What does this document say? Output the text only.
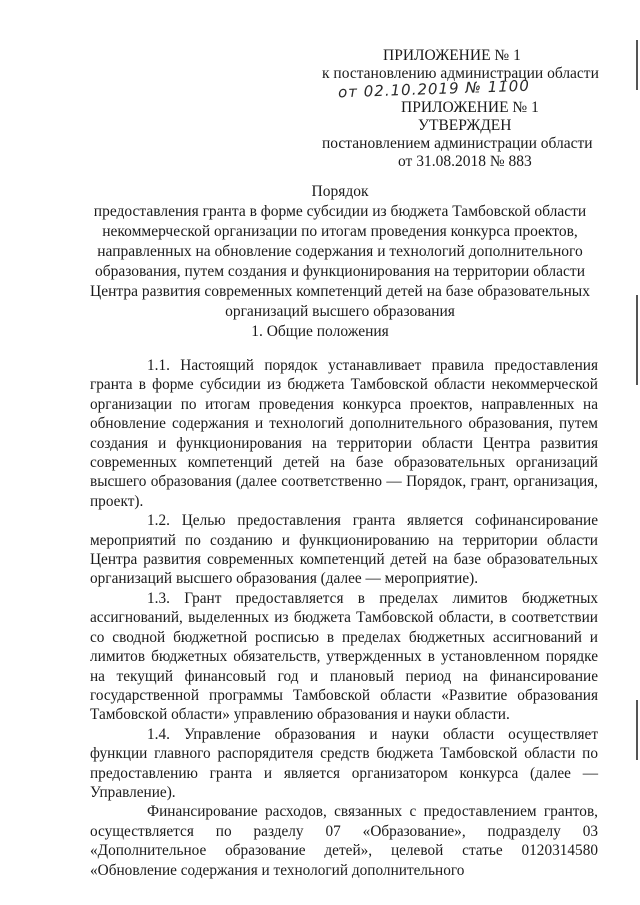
ПРИЛОЖЕНИЕ № 1
к постановлению администрации области
от 02.10.2019 № 1100
ПРИЛОЖЕНИЕ № 1
УТВЕРЖДЕН
постановлением администрации области
от 31.08.2018 № 883
Порядок
предоставления гранта в форме субсидии из бюджета Тамбовской области
некоммерческой организации по итогам проведения конкурса проектов,
направленных на обновление содержания и технологий дополнительного
образования, путем создания и функционирования на территории области
Центра развития современных компетенций детей на базе образовательных
организаций высшего образования
1. Общие положения

1.1. Настоящий порядок устанавливает правила предоставления гранта в форме субсидии из бюджета Тамбовской области некоммерческой организации по итогам проведения конкурса проектов, направленных на обновление содержания и технологий дополнительного образования, путем создания и функционирования на территории области Центра развития современных компетенций детей на базе образовательных организаций высшего образования (далее соответственно — Порядок, грант, организация, проект).

1.2. Целью предоставления гранта является софинансирование мероприятий по созданию и функционированию на территории области Центра развития современных компетенций детей на базе образовательных организаций высшего образования (далее — мероприятие).

1.3. Грант предоставляется в пределах лимитов бюджетных ассигнований, выделенных из бюджета Тамбовской области, в соответствии со сводной бюджетной росписью в пределах бюджетных ассигнований и лимитов бюджетных обязательств, утвержденных в установленном порядке на текущий финансовый год и плановый период на финансирование государственной программы Тамбовской области «Развитие образования Тамбовской области» управлению образования и науки области.

1.4. Управление образования и науки области осуществляет функции главного распорядителя средств бюджета Тамбовской области по предоставлению гранта и является организатором конкурса (далее — Управление).

Финансирование расходов, связанных с предоставлением грантов, осуществляется по разделу 07 «Образование», подразделу 03 «Дополнительное образование детей», целевой статье 0120314580 «Обновление содержания и технологий дополнительного
